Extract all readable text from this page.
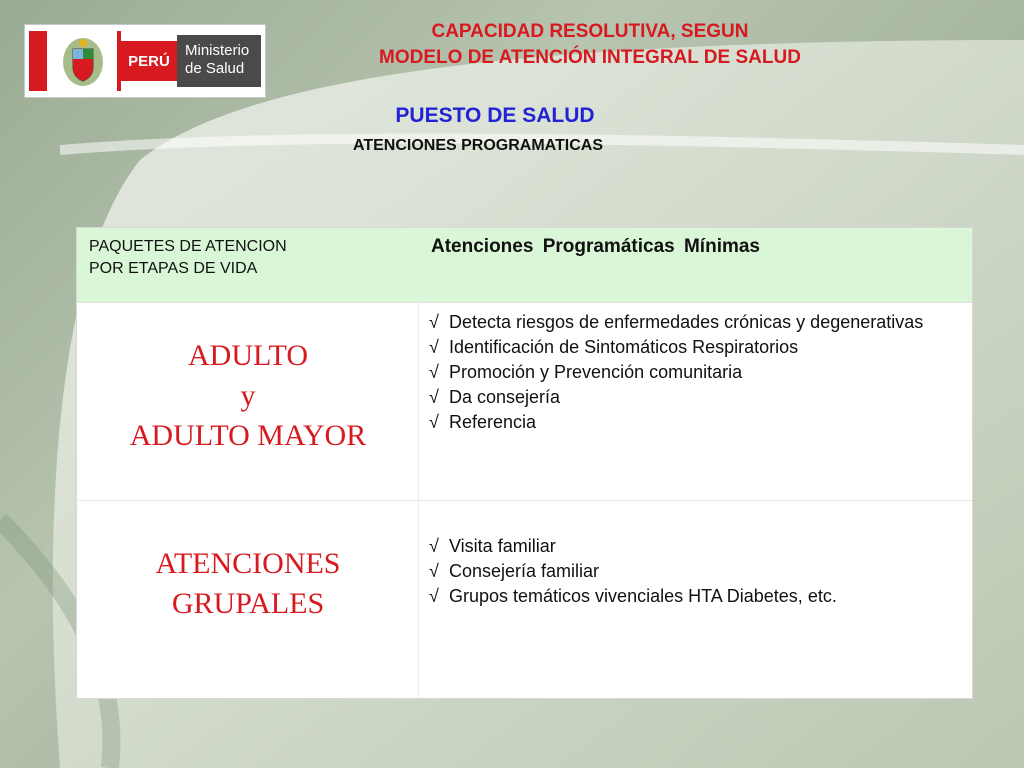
PERÚ
Ministerio
de Salud
CAPACIDAD RESOLUTIVA, SEGUN
MODELO DE ATENCIÓN INTEGRAL DE SALUD
PUESTO DE SALUD
ATENCIONES PROGRAMATICAS
PAQUETES DE ATENCION
POR ETAPAS DE VIDA
Atenciones Programáticas Mínimas
ADULTO
y
ADULTO MAYOR
√ Detecta riesgos de enfermedades crónicas y degenerativas
√ Identificación de Sintomáticos Respiratorios
√ Promoción y Prevención comunitaria
√ Da consejería
√ Referencia
ATENCIONES
GRUPALES
√ Visita familiar
√ Consejería familiar
√ Grupos temáticos vivenciales HTA Diabetes, etc.
